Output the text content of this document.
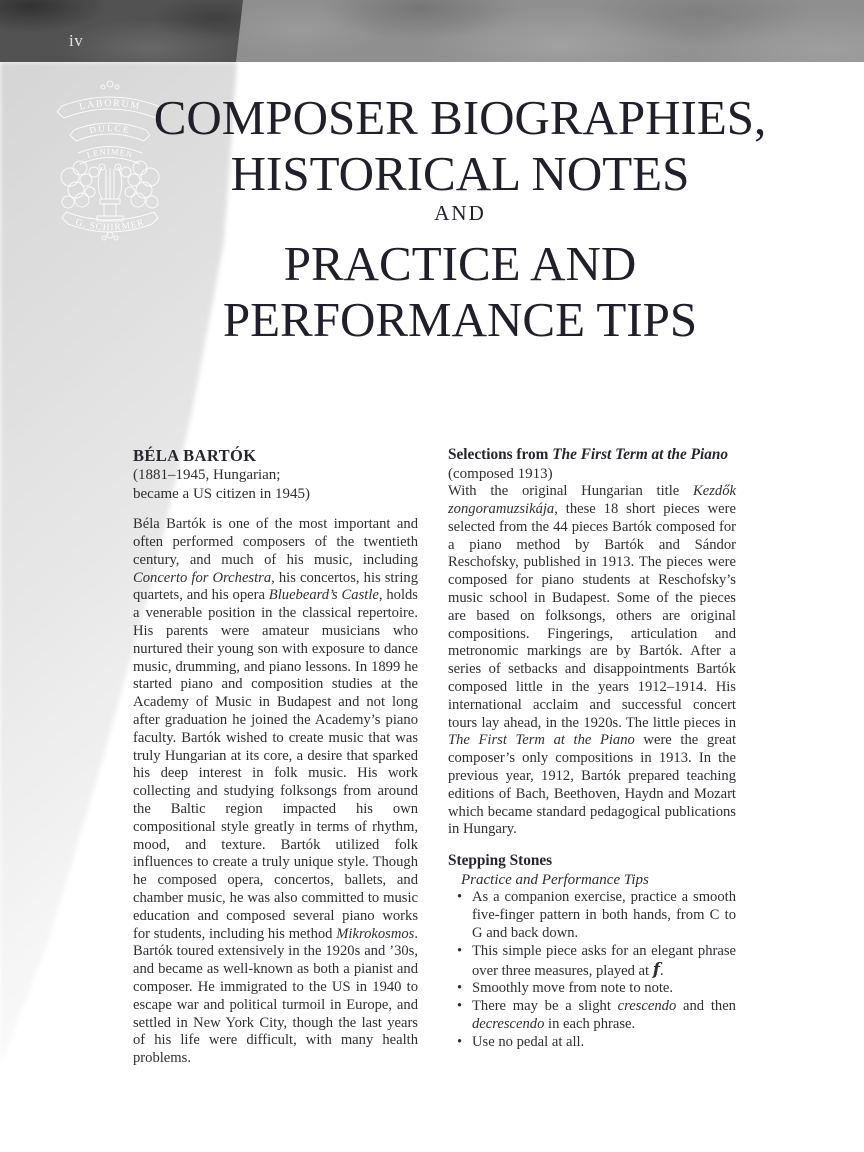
LABORUM
DULCE
LENIMEN
G. SCHIRMER
iv
COMPOSER BIOGRAPHIES,
HISTORICAL NOTES
AND
PRACTICE AND
PERFORMANCE TIPS
BÉLA BARTÓK
(1881–1945, Hungarian;
became a US citizen in 1945)

Béla Bartók is one of the most important and often performed composers of the twentieth century, and much of his music, including Concerto for Orchestra, his concertos, his string quartets, and his opera Bluebeard’s Castle, holds a venerable position in the classical repertoire. His parents were amateur musicians who nurtured their young son with exposure to dance music, drumming, and piano lessons. In 1899 he started piano and composition studies at the Academy of Music in Budapest and not long after graduation he joined the Academy’s piano faculty. Bartók wished to create music that was truly Hungarian at its core, a desire that sparked his deep interest in folk music. His work collecting and studying folksongs from around the Baltic region impacted his own compositional style greatly in terms of rhythm, mood, and texture. Bartók utilized folk influences to create a truly unique style. Though he composed opera, concertos, ballets, and chamber music, he was also committed to music education and composed several piano works for students, including his method Mikrokosmos. Bartók toured extensively in the 1920s and ’30s, and became as well-known as both a pianist and composer. He immigrated to the US in 1940 to escape war and political turmoil in Europe, and settled in New York City, though the last years of his life were difficult, with many health problems.

Selections from The First Term at the Piano
(composed 1913)

With the original Hungarian title Kezdők zongoramuzsikája, these 18 short pieces were selected from the 44 pieces Bartók composed for a piano method by Bartók and Sándor Reschofsky, published in 1913. The pieces were composed for piano students at Reschofsky’s music school in Budapest. Some of the pieces are based on folksongs, others are original compositions. Fingerings, articulation and metronomic markings are by Bartók. After a series of setbacks and disappointments Bartók composed little in the years 1912–1914. His international acclaim and successful concert tours lay ahead, in the 1920s. The little pieces in The First Term at the Piano were the great composer’s only compositions in 1913. In the previous year, 1912, Bartók prepared teaching editions of Bach, Beethoven, Haydn and Mozart which became standard pedagogical publications in Hungary.

Stepping Stones
Practice and Performance Tips
• As a companion exercise, practice a smooth five-finger pattern in both hands, from C to G and back down.
• This simple piece asks for an elegant phrase over three measures, played at f.
• Smoothly move from note to note.
• There may be a slight crescendo and then decrescendo in each phrase.
• Use no pedal at all.
